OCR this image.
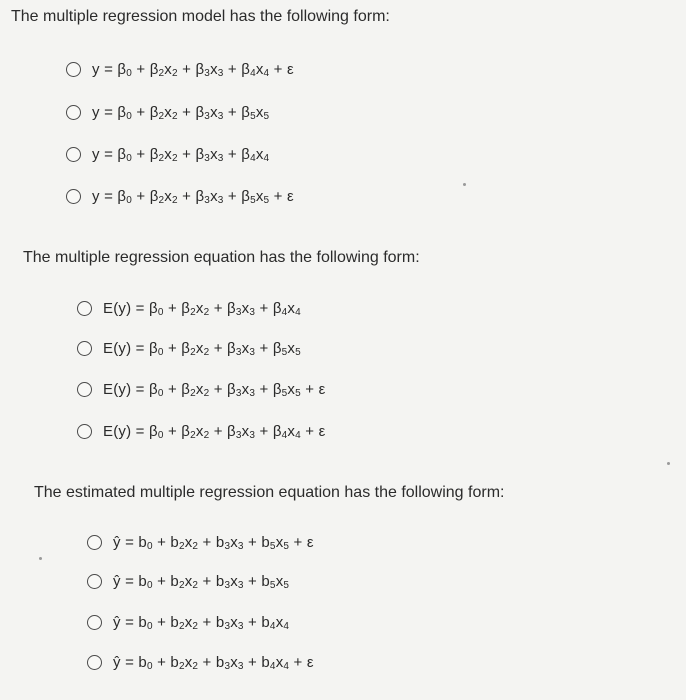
The multiple regression model has the following form:
$y = \beta_0 + \beta_2x_2 + \beta_3x_3 + \beta_4x_4 + \varepsilon$
$y = \beta_0 + \beta_2x_2 + \beta_3x_3 + \beta_5x_5$
$y = \beta_0 + \beta_2x_2 + \beta_3x_3 + \beta_4x_4$
$y = \beta_0 + \beta_2x_2 + \beta_3x_3 + \beta_5x_5 + \varepsilon$
The multiple regression equation has the following form:
$E(y) = \beta_0 + \beta_2x_2 + \beta_3x_3 + \beta_4x_4$
$E(y) = \beta_0 + \beta_2x_2 + \beta_3x_3 + \beta_5x_5$
$E(y) = \beta_0 + \beta_2x_2 + \beta_3x_3 + \beta_5x_5 + \varepsilon$
$E(y) = \beta_0 + \beta_2x_2 + \beta_3x_3 + \beta_4x_4 + \varepsilon$
The estimated multiple regression equation has the following form:
ŷ = $b_0 + b_2x_2 + b_3x_3 + b_5x_5 + \varepsilon$
ŷ = $b_0 + b_2x_2 + b_3x_3 + b_5x_5$
ŷ = $b_0 + b_2x_2 + b_3x_3 + b_4x_4$
ŷ = $b_0 + b_2x_2 + b_3x_3 + b_4x_4 + \varepsilon$
